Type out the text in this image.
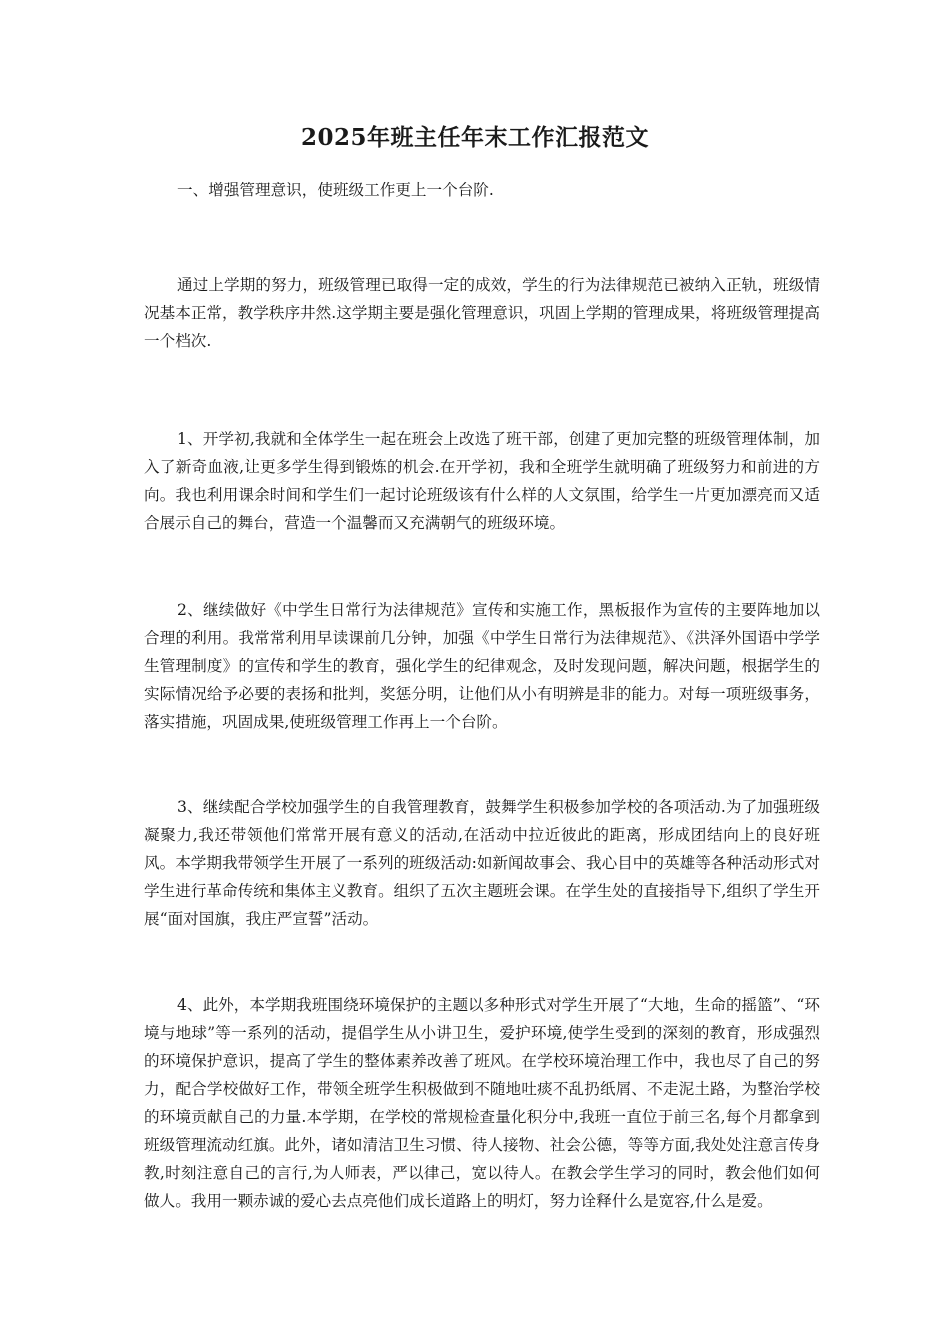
2025年班主任年末工作汇报范文

一、增强管理意识，使班级工作更上一个台阶.

通过上学期的努力，班级管理已取得一定的成效，学生的行为法律规范已被纳入正轨，班级情况基本正常，教学秩序井然.这学期主要是强化管理意识，巩固上学期的管理成果，将班级管理提高一个档次.

1、开学初,我就和全体学生一起在班会上改选了班干部，创建了更加完整的班级管理体制，加入了新奇血液,让更多学生得到锻炼的机会.在开学初，我和全班学生就明确了班级努力和前进的方向。我也利用课余时间和学生们一起讨论班级该有什么样的人文氛围，给学生一片更加漂亮而又适合展示自己的舞台，营造一个温馨而又充满朝气的班级环境。

2、继续做好《中学生日常行为法律规范》宣传和实施工作，黑板报作为宣传的主要阵地加以合理的利用。我常常利用早读课前几分钟，加强《中学生日常行为法律规范》、《洪泽外国语中学学生管理制度》的宣传和学生的教育，强化学生的纪律观念，及时发现问题，解决问题，根据学生的实际情况给予必要的表扬和批判，奖惩分明，让他们从小有明辨是非的能力。对每一项班级事务，落实措施，巩固成果,使班级管理工作再上一个台阶。

3、继续配合学校加强学生的自我管理教育，鼓舞学生积极参加学校的各项活动.为了加强班级凝聚力,我还带领他们常常开展有意义的活动,在活动中拉近彼此的距离，形成团结向上的良好班风。本学期我带领学生开展了一系列的班级活动:如新闻故事会、我心目中的英雄等各种活动形式对学生进行革命传统和集体主义教育。组织了五次主题班会课。在学生处的直接指导下,组织了学生开展“面对国旗，我庄严宣誓”活动。

4、此外，本学期我班围绕环境保护的主题以多种形式对学生开展了“大地，生命的摇篮”、“环境与地球”等一系列的活动，提倡学生从小讲卫生，爱护环境,使学生受到的深刻的教育，形成强烈的环境保护意识，提高了学生的整体素养改善了班风。在学校环境治理工作中，我也尽了自己的努力，配合学校做好工作，带领全班学生积极做到不随地吐痰不乱扔纸屑、不走泥土路，为整治学校的环境贡献自己的力量.本学期，在学校的常规检查量化积分中,我班一直位于前三名,每个月都拿到班级管理流动红旗。此外，诸如清洁卫生习惯、待人接物、社会公德，等等方面,我处处注意言传身教,时刻注意自己的言行,为人师表，严以律己，宽以待人。在教会学生学习的同时，教会他们如何做人。我用一颗赤诚的爱心去点亮他们成长道路上的明灯，努力诠释什么是宽容,什么是爱。
